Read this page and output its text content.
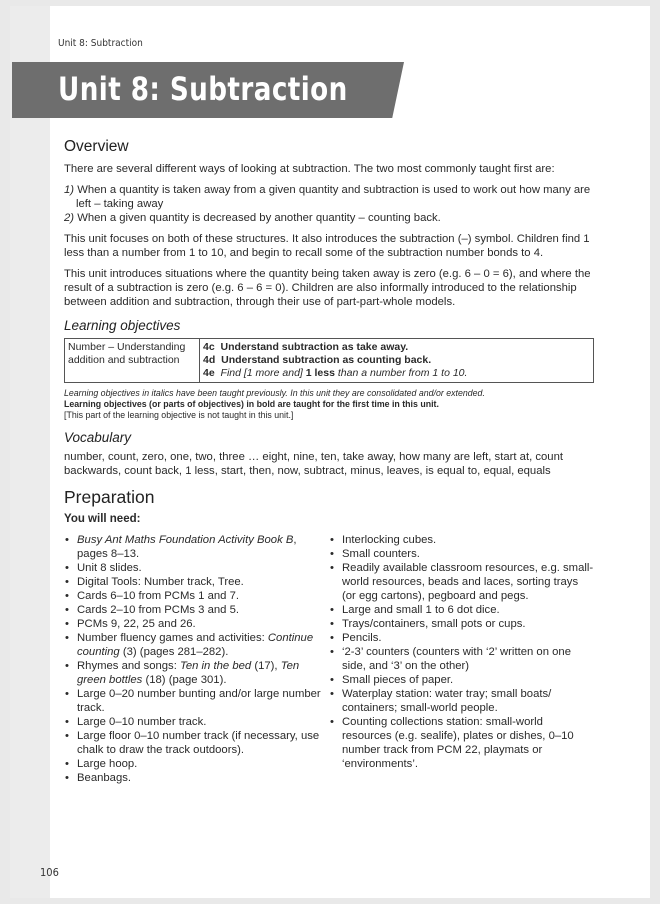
Unit 8: Subtraction
Unit 8: Subtraction
Overview

There are several different ways of looking at subtraction. The two most commonly taught first are:

1) When a quantity is taken away from a given quantity and subtraction is used to work out how many are left – taking away
2) When a given quantity is decreased by another quantity – counting back.

This unit focuses on both of these structures. It also introduces the subtraction (–) symbol. Children find 1 less than a number from 1 to 10, and begin to recall some of the subtraction number bonds to 4.

This unit introduces situations where the quantity being taken away is zero (e.g. 6 – 0 = 6), and where the result of a subtraction is zero (e.g. 6 – 6 = 0). Children are also informally introduced to the relationship between addition and subtraction, through their use of part-part-whole models.

Learning objectives
Number – Understanding addition and subtraction	
4c Understand subtraction as take away.
4d Understand subtraction as counting back.
4e Find [1 more and] 1 less than a number from 1 to 10.
Learning objectives in italics have been taught previously. In this unit they are consolidated and/or extended.
Learning objectives (or parts of objectives) in bold are taught for the first time in this unit.
[This part of the learning objective is not taught in this unit.]
Vocabulary

number, count, zero, one, two, three … eight, nine, ten, take away, how many are left, start at, count backwards, count back, 1 less, start, then, now, subtract, minus, leaves, is equal to, equal, equals

Preparation
You will need:
• Busy Ant Maths Foundation Activity Book B, pages 8–13.
• Unit 8 slides.
• Digital Tools: Number track, Tree.
• Cards 6–10 from PCMs 1 and 7.
• Cards 2–10 from PCMs 3 and 5.
• PCMs 9, 22, 25 and 26.
• Number fluency games and activities: Continue counting (3) (pages 281–282).
• Rhymes and songs: Ten in the bed (17), Ten green bottles (18) (page 301).
• Large 0–20 number bunting and/or large number track.
• Large 0–10 number track.
• Large floor 0–10 number track (if necessary, use chalk to draw the track outdoors).
• Large hoop.
• Beanbags.
• Interlocking cubes.
• Small counters.
• Readily available classroom resources, e.g. small-world resources, beads and laces, sorting trays (or egg cartons), pegboard and pegs.
• Large and small 1 to 6 dot dice.
• Trays/containers, small pots or cups.
• Pencils.
• ‘2-3’ counters (counters with ‘2’ written on one side, and ‘3’ on the other)
• Small pieces of paper.
• Waterplay station: water tray; small boats/ containers; small-world people.
• Counting collections station: small-world resources (e.g. sealife), plates or dishes, 0–10 number track from PCM 22, playmats or ‘environments’.
106
